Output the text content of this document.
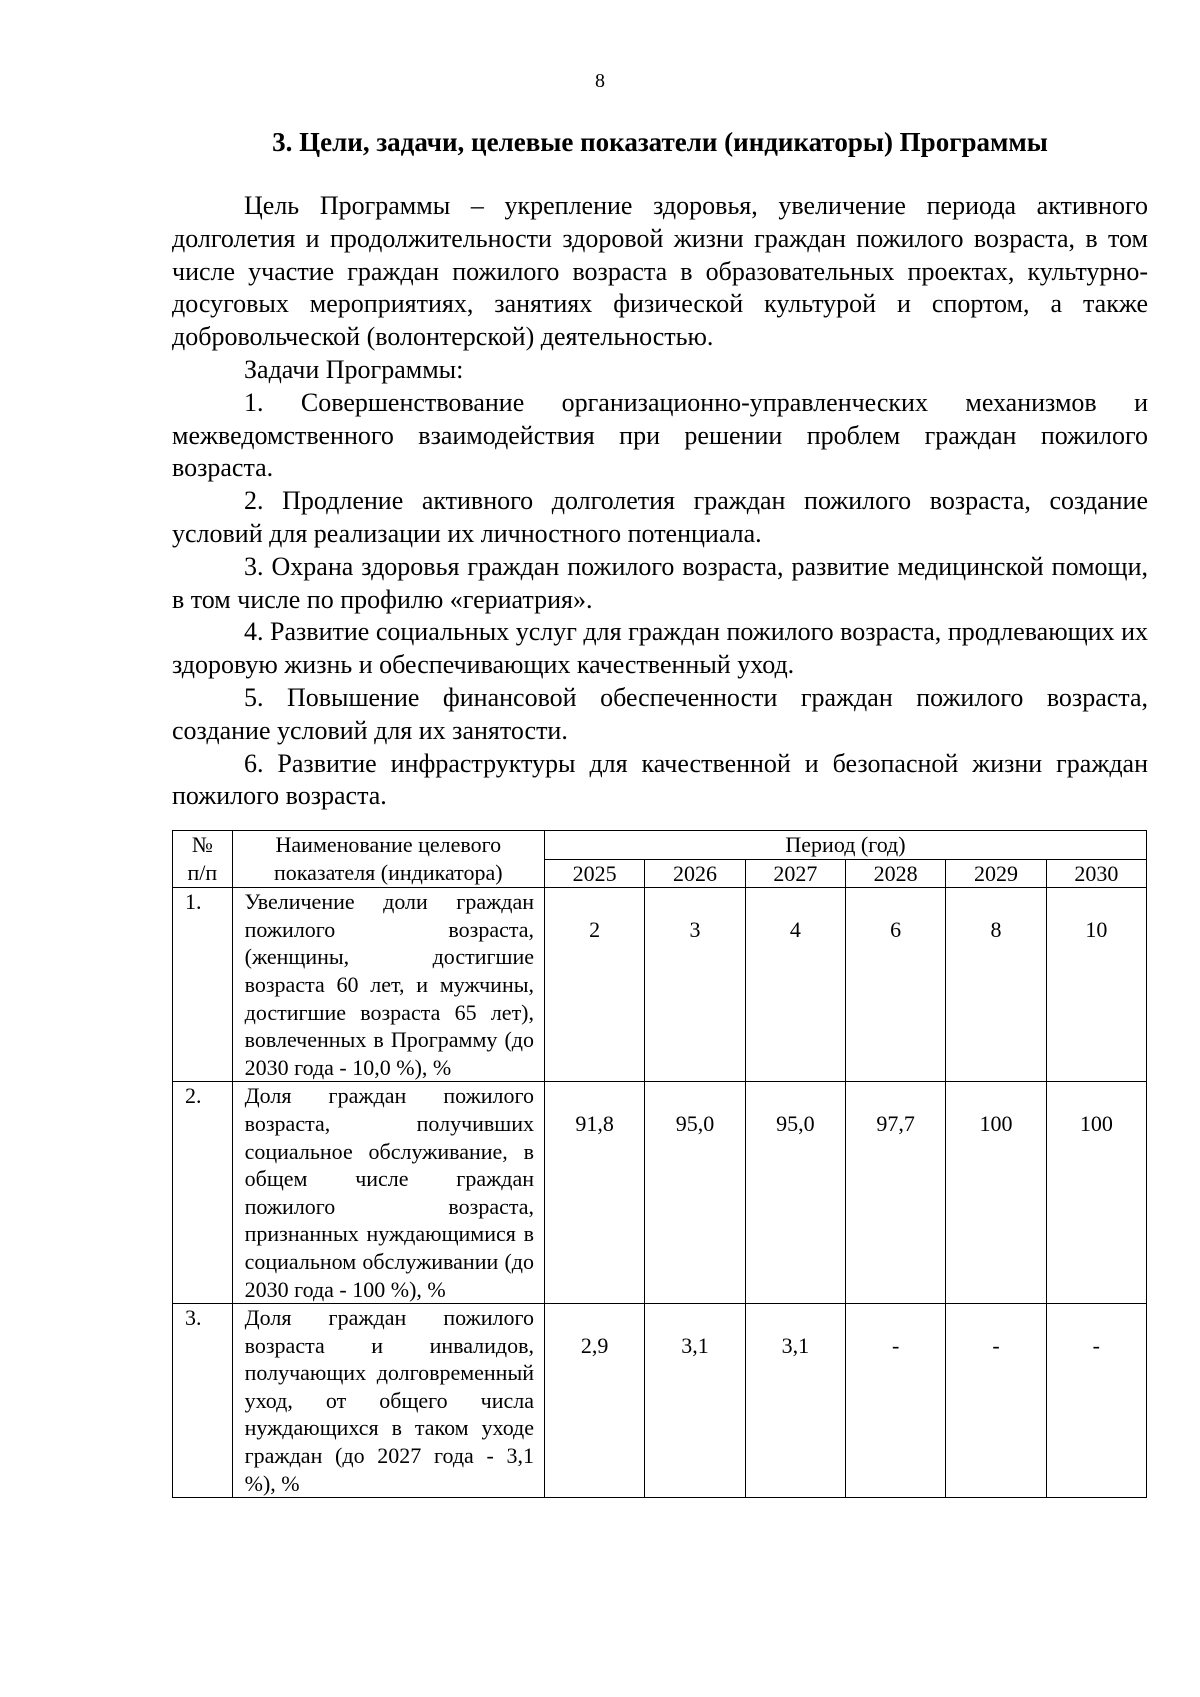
8
3. Цели, задачи, целевые показатели (индикаторы) Программы

Цель Программы – укрепление здоровья, увеличение периода активного долголетия и продолжительности здоровой жизни граждан пожилого возраста, в том числе участие граждан пожилого возраста в образовательных проектах, культурно-досуговых мероприятиях, занятиях физической культурой и спортом, а также добровольческой (волонтерской) деятельностью.

Задачи Программы:

1. Совершенствование организационно-управленческих механизмов и межведомственного взаимодействия при решении проблем граждан пожилого возраста.

2. Продление активного долголетия граждан пожилого возраста, создание условий для реализации их личностного потенциала.

3. Охрана здоровья граждан пожилого возраста, развитие медицинской помощи, в том числе по профилю «гериатрия».

4. Развитие социальных услуг для граждан пожилого возраста, продлевающих их здоровую жизнь и обеспечивающих качественный уход.

5. Повышение финансовой обеспеченности граждан пожилого возраста, создание условий для их занятости.

6. Развитие инфраструктуры для качественной и безопасной жизни граждан пожилого возраста.

№
п/п	Наименование целевого
показателя (индикатора)	Период (год)					
		2025	2026	2027	2028	2029	2030
1.	Увеличение доли граждан пожилого возраста, (женщины, достигшие возраста 60 лет, и мужчины, достигшие возраста 65 лет), вовлеченных в Программу (до 2030 года - 10,0 %), %	2	3	4	6	8	10
2.	Доля граждан пожилого возраста, получивших социальное обслуживание, в общем числе граждан пожилого возраста, признанных нуждающимися в социальном обслуживании (до 2030 года - 100 %), %	91,8	95,0	95,0	97,7	100	100
3.	Доля граждан пожилого возраста и инвалидов, получающих долговременный уход, от общего числа нуждающихся в таком уходе граждан (до 2027 года - 3,1 %), %	2,9	3,1	3,1	-	-	-
